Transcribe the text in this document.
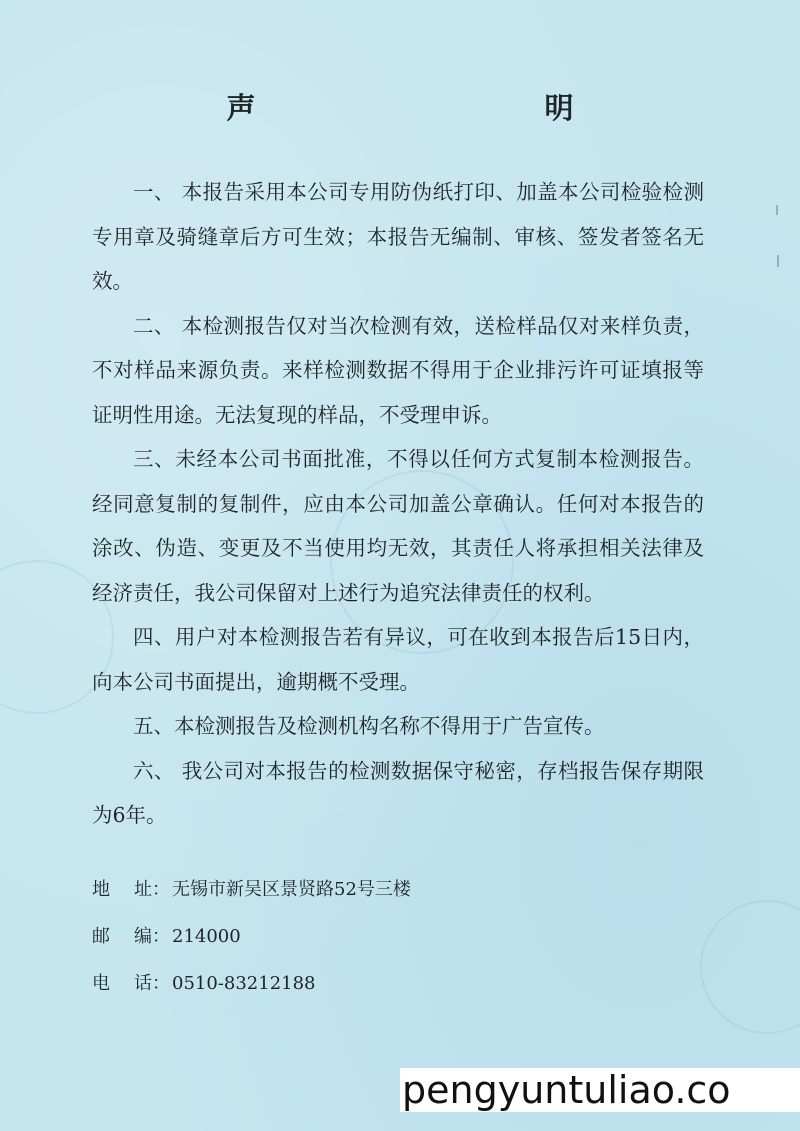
声　明

一、 本报告采用本公司专用防伪纸打印、加盖本公司检验检测专用章及骑缝章后方可生效；本报告无编制、审核、签发者签名无效。

二、 本检测报告仅对当次检测有效，送检样品仅对来样负责，不对样品来源负责。来样检测数据不得用于企业排污许可证填报等证明性用途。无法复现的样品，不受理申诉。

三、未经本公司书面批准，不得以任何方式复制本检测报告。经同意复制的复制件，应由本公司加盖公章确认。任何对本报告的涂改、伪造、变更及不当使用均无效，其责任人将承担相关法律及经济责任，我公司保留对上述行为追究法律责任的权利。

四、用户对本检测报告若有异议，可在收到本报告后15日内，向本公司书面提出，逾期概不受理。

五、本检测报告及检测机构名称不得用于广告宣传。

六、 我公司对本报告的检测数据保守秘密，存档报告保存期限为6年。

地 址： 无锡市新吴区景贤路52号三楼
邮 编： 214000
电 话： 0510-83212188
pengyuntuliao.co
